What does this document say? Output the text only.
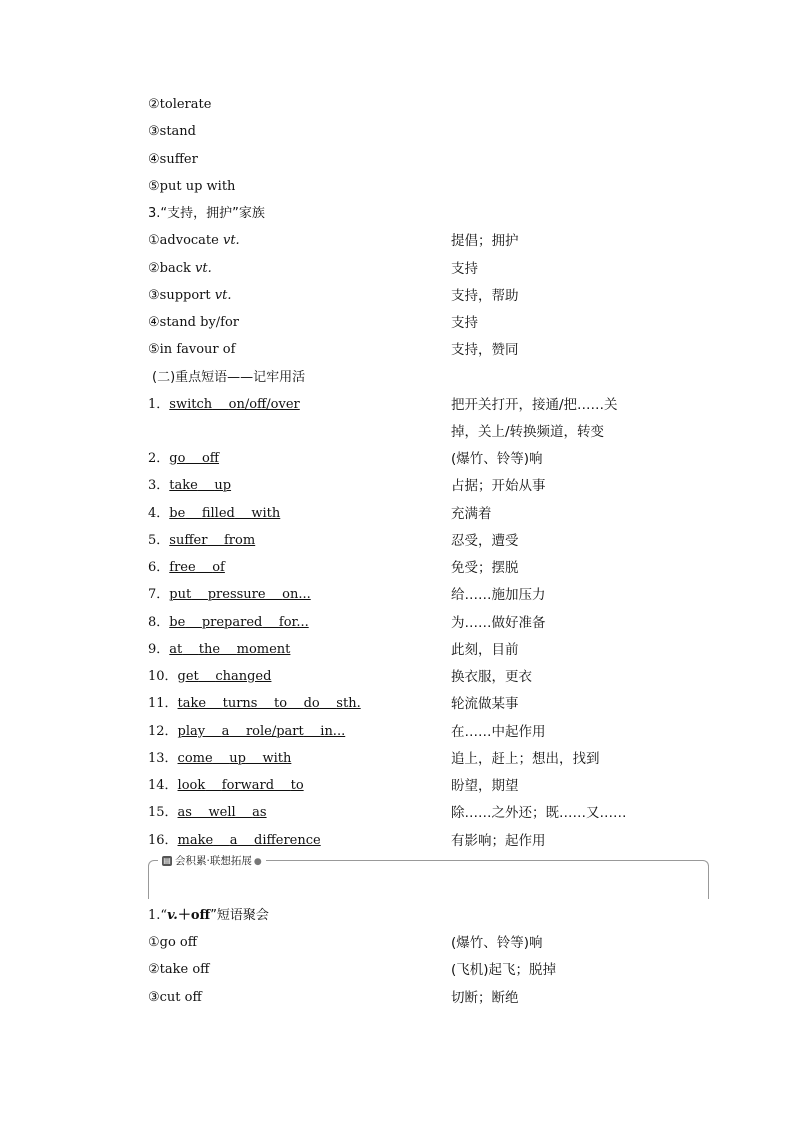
②tolerate
③stand
④suffer
⑤put up with
3.“支持，拥护”家族
①advocate vt.	提倡；拥护
②back vt.	支持
③support vt.	支持，帮助
④stand by/for	支持
⑤in favour of	支持，赞同
(二)重点短语——记牢用活
1．switch on/off/over	把开关打开，接通/把……关
掉，关上/转换频道，转变
2．go off	(爆竹、铃等)响
3．take up	占据；开始从事
4．be filled with	充满着
5．suffer from	忍受，遭受
6．free of	免受；摆脱
7．put pressure on...	给……施加压力
8．be prepared for...	为……做好准备
9．at the moment	此刻，目前
10．get changed	换衣服，更衣
11．take turns to do sth.	轮流做某事
12．play a role/part in...	在……中起作用
13．come up with	追上，赶上；想出，找到
14．look forward to	盼望，期望
15．as well as	除……之外还；既……又……
16．make a difference	有影响；起作用
▤ 会积累·联想拓展 ●
1.“v.＋off”短语聚会
①go off	(爆竹、铃等)响
②take off	(飞机)起飞；脱掉
③cut off	切断；断绝
